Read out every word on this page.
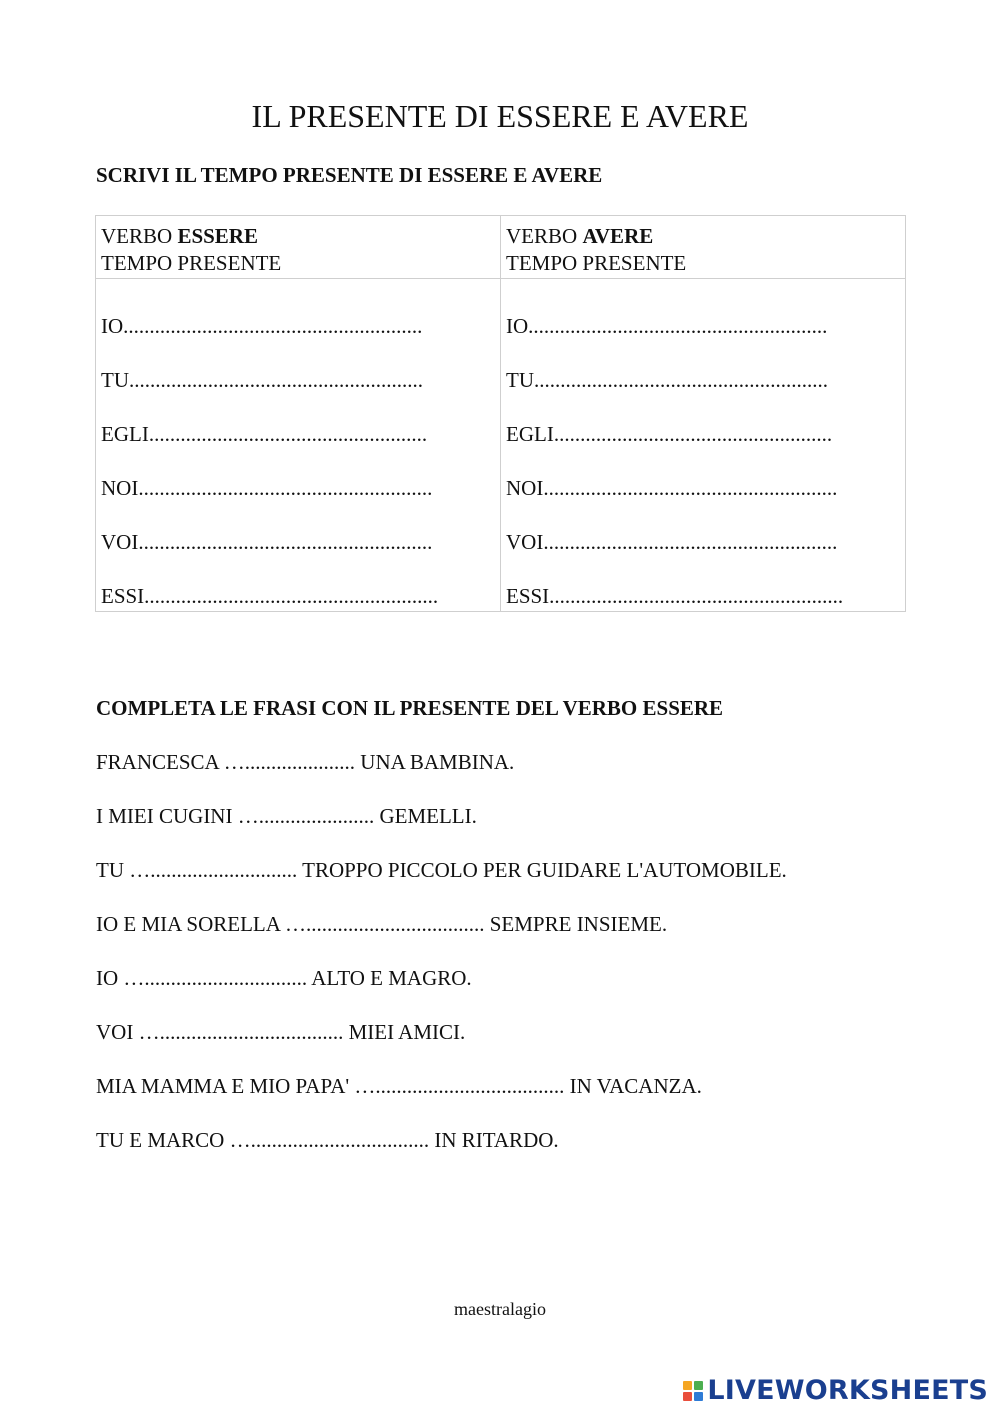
IL PRESENTE DI ESSERE E AVERE
SCRIVI IL TEMPO PRESENTE DI ESSERE E AVERE
VERBO ESSERE
TEMPO PRESENTE
VERBO AVERE
TEMPO PRESENTE
IO.........................................................
TU........................................................
EGLI.....................................................
NOI........................................................
VOI........................................................
ESSI........................................................
IO.........................................................
TU........................................................
EGLI.....................................................
NOI........................................................
VOI........................................................
ESSI........................................................
COMPLETA LE FRASI CON IL PRESENTE DEL VERBO ESSERE

FRANCESCA …..................... UNA BAMBINA.

I MIEI CUGINI …...................... GEMELLI.

TU …............................ TROPPO PICCOLO PER GUIDARE L'AUTOMOBILE.

IO E MIA SORELLA ….................................. SEMPRE INSIEME.

IO …............................... ALTO E MAGRO.

VOI …................................... MIEI AMICI.

MIA MAMMA E MIO PAPA' ….................................... IN VACANZA.

TU E MARCO ….................................. IN RITARDO.

maestralagio
LIVEWORKSHEETS
